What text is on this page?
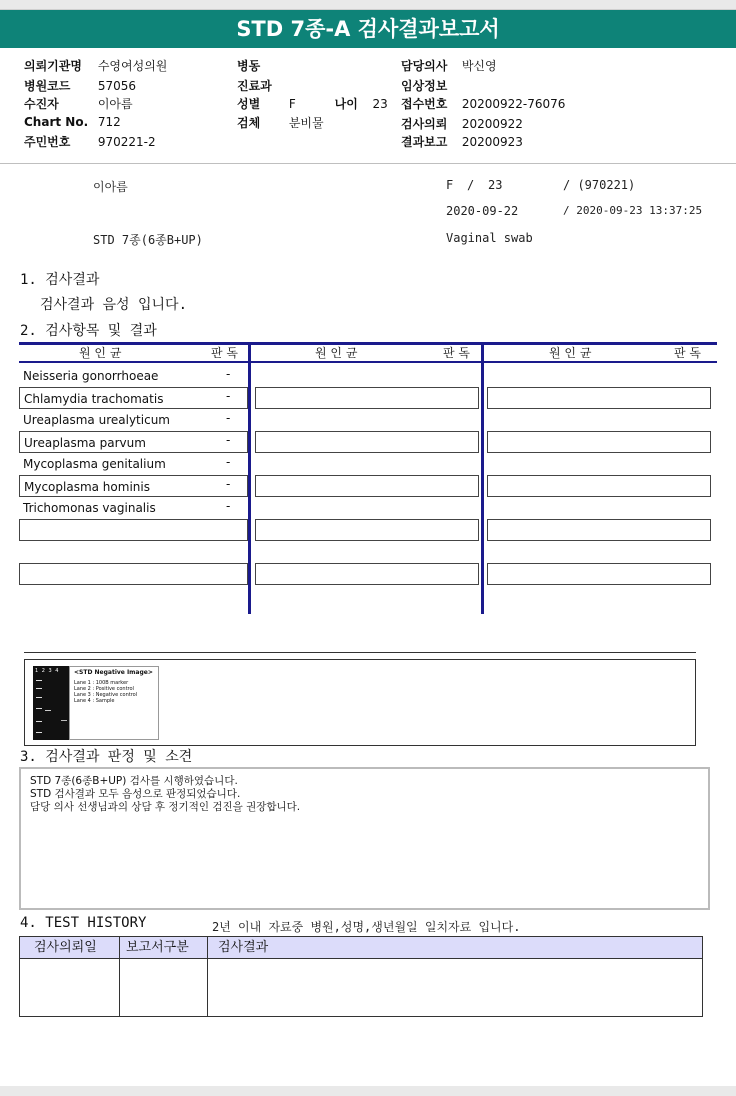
STD 7종-A 검사결과보고서
의뢰기관명 수영여성의원
병원코드 57056
수진자	이아름
Chart No. 712
주민번호 970221-2
병동
진료과
성별 F	나이 23
검체 분비물
담당의사 박신영
임상정보
접수번호 20200922-76076
검사의뢰 20200922
결과보고 20200923
이아름	F / 23	/ (970221)
2020-09-22	/ 2020-09-23 13:37:25
STD 7종(6종B+UP)	Vaginal swab
1. 검사결과
검사결과 음성 입니다.
2. 검사항목 및 결과
원 인 균	판 독	원 인 균	판 독	원 인 균	판 독
Neisseria gonorrhoeae	-
Chlamydia trachomatis	-
Ureaplasma urealyticum	-
Ureaplasma parvum	-
Mycoplasma genitalium	-
Mycoplasma hominis	-
Trichomonas vaginalis	-
1 2 3 4	<STD Negative Image>
Lane 1 : 100B marker
Lane 2 : Positive control
Lane 3 : Negative control
Lane 4 : Sample
3. 검사결과 판정 및 소견
STD 7종(6종B+UP) 검사를 시행하였습니다.
STD 검사결과 모두 음성으로 판정되었습니다.
담당 의사 선생님과의 상담 후 정기적인 검진을 권장합니다.
4. TEST HISTORY	2년 이내 자료중 병원,성명,생년월일 일치자료 입니다.
검사의뢰일	보고서구분	검사결과
